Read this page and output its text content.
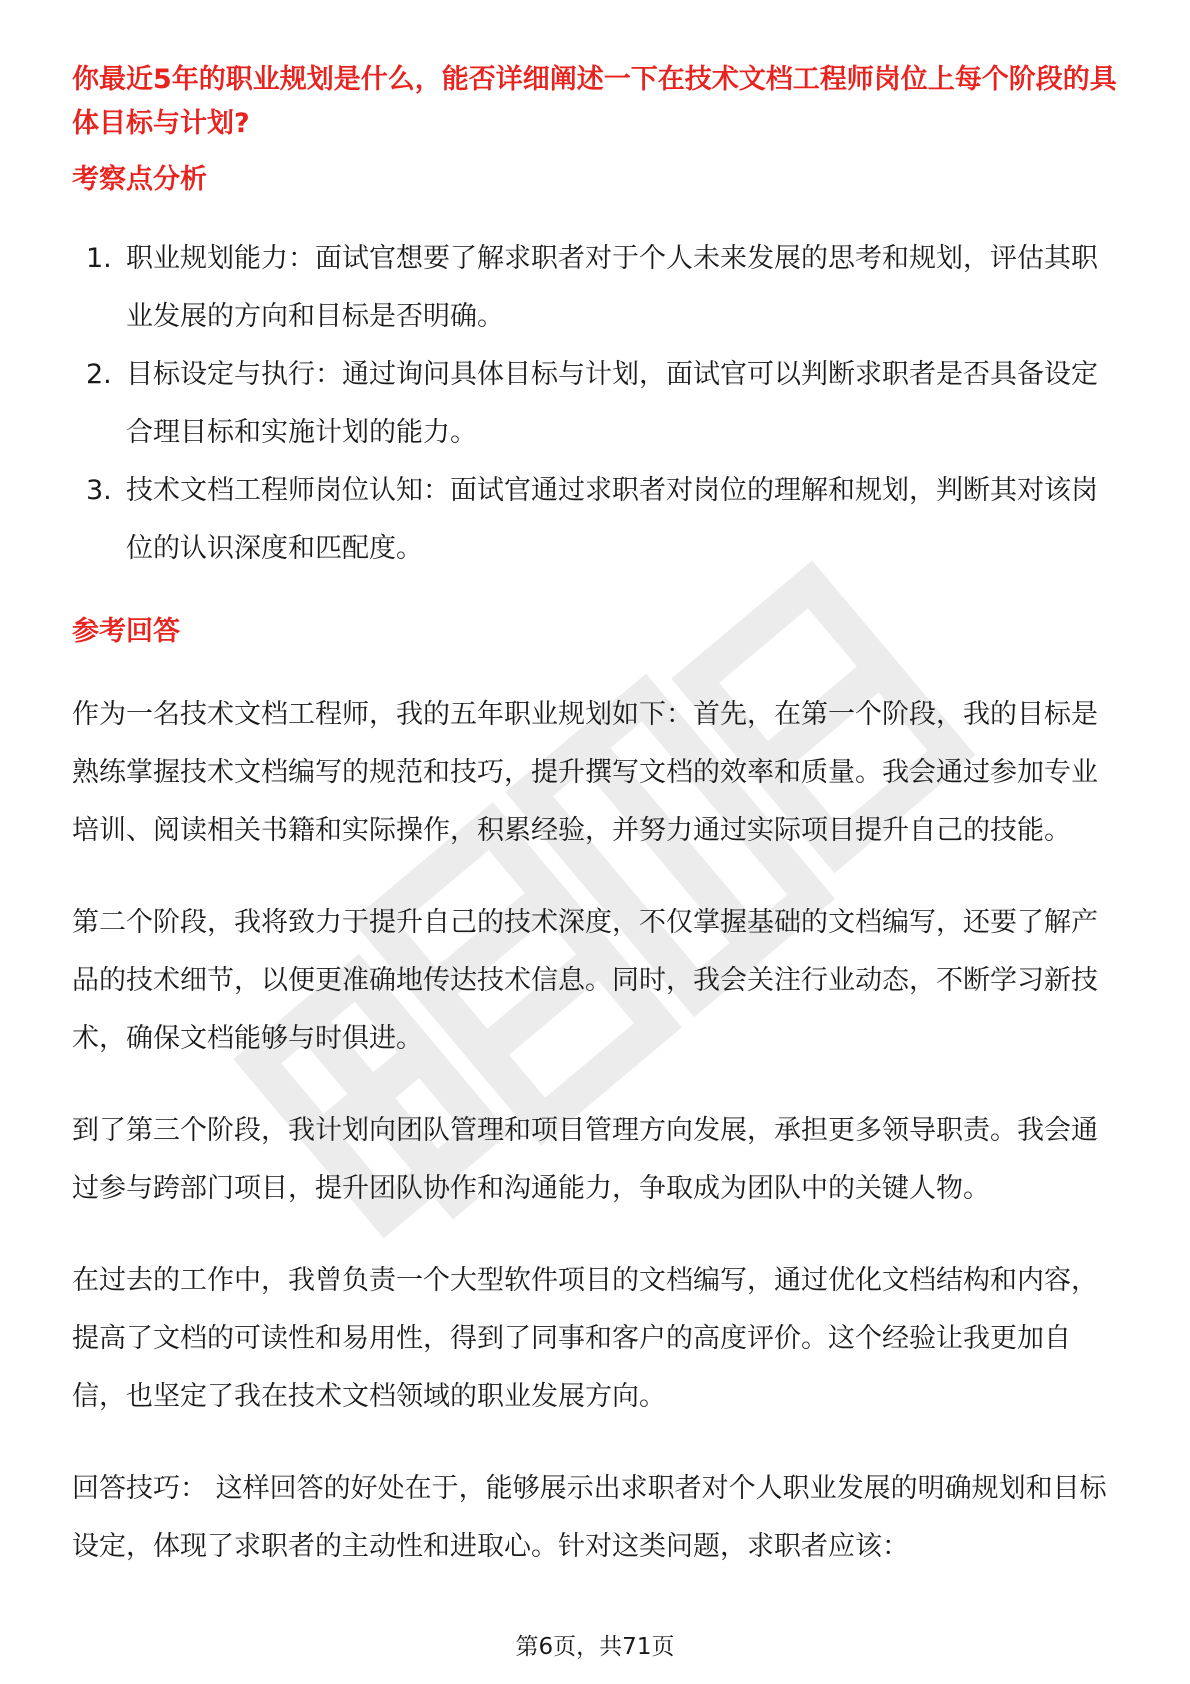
你最近5年的职业规划是什么，能否详细阐述一下在技术文档工程师岗位上每个阶段的具体目标与计划?

考察点分析
1. 职业规划能力：面试官想要了解求职者对于个人未来发展的思考和规划，评估其职业发展的方向和目标是否明确。
2. 目标设定与执行：通过询问具体目标与计划，面试官可以判断求职者是否具备设定合理目标和实施计划的能力。
3. 技术文档工程师岗位认知：面试官通过求职者对岗位的理解和规划，判断其对该岗位的认识深度和匹配度。
参考回答

作为一名技术文档工程师，我的五年职业规划如下：首先，在第一个阶段，我的目标是熟练掌握技术文档编写的规范和技巧，提升撰写文档的效率和质量。我会通过参加专业培训、阅读相关书籍和实际操作，积累经验，并努力通过实际项目提升自己的技能。

第二个阶段，我将致力于提升自己的技术深度，不仅掌握基础的文档编写，还要了解产品的技术细节，以便更准确地传达技术信息。同时，我会关注行业动态，不断学习新技术，确保文档能够与时俱进。

到了第三个阶段，我计划向团队管理和项目管理方向发展，承担更多领导职责。我会通过参与跨部门项目，提升团队协作和沟通能力，争取成为团队中的关键人物。

在过去的工作中，我曾负责一个大型软件项目的文档编写，通过优化文档结构和内容，提高了文档的可读性和易用性，得到了同事和客户的高度评价。这个经验让我更加自信，也坚定了我在技术文档领域的职业发展方向。

回答技巧： 这样回答的好处在于，能够展示出求职者对个人职业发展的明确规划和目标设定，体现了求职者的主动性和进取心。针对这类问题，求职者应该：

第6页，共71页
